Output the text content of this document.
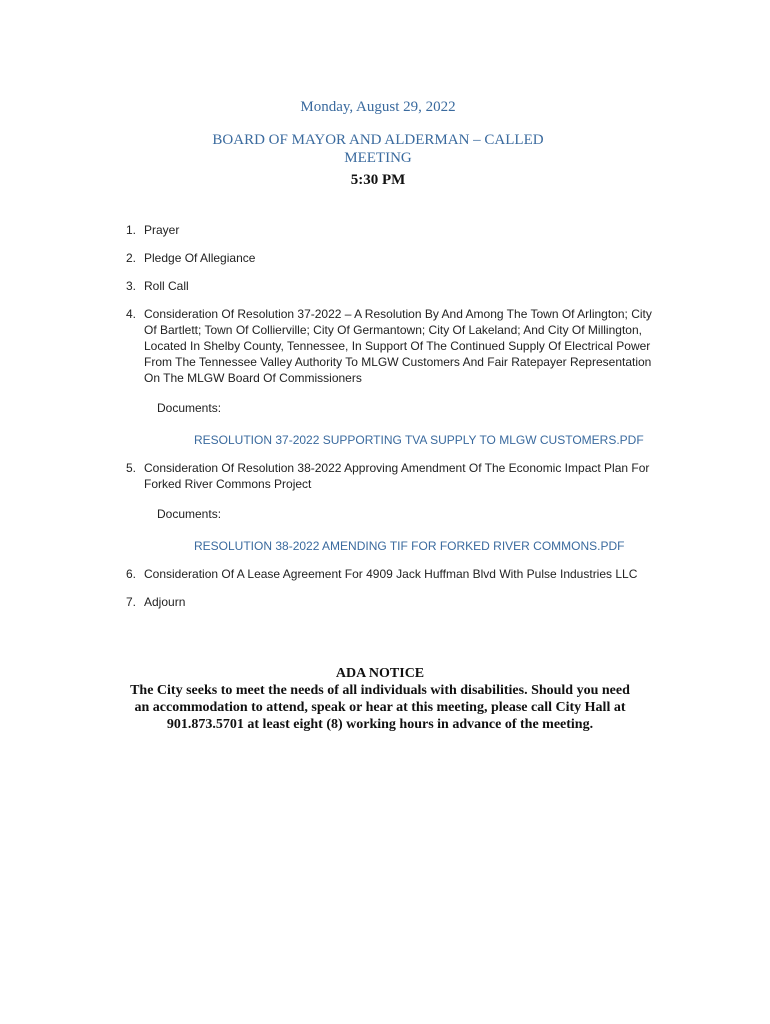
Monday, August 29, 2022

BOARD OF MAYOR AND ALDERMAN – CALLED MEETING

5:30 PM

1. Prayer
2. Pledge Of Allegiance
3. Roll Call
4. Consideration Of Resolution 37-2022 – A Resolution By And Among The Town Of Arlington; City Of Bartlett; Town Of Collierville; City Of Germantown; City Of Lakeland; And City Of Millington, Located In Shelby County, Tennessee, In Support Of The Continued Supply Of Electrical Power From The Tennessee Valley Authority To MLGW Customers And Fair Ratepayer Representation On The MLGW Board Of Commissioners
Documents:
RESOLUTION 37-2022 SUPPORTING TVA SUPPLY TO MLGW CUSTOMERS.PDF
5. Consideration Of Resolution 38-2022 Approving Amendment Of The Economic Impact Plan For Forked River Commons Project
Documents:
RESOLUTION 38-2022 AMENDING TIF FOR FORKED RIVER COMMONS.PDF
6. Consideration Of A Lease Agreement For 4909 Jack Huffman Blvd With Pulse Industries LLC
7. Adjourn

ADA NOTICE

The City seeks to meet the needs of all individuals with disabilities. Should you need an accommodation to attend, speak or hear at this meeting, please call City Hall at 901.873.5701 at least eight (8) working hours in advance of the meeting.
